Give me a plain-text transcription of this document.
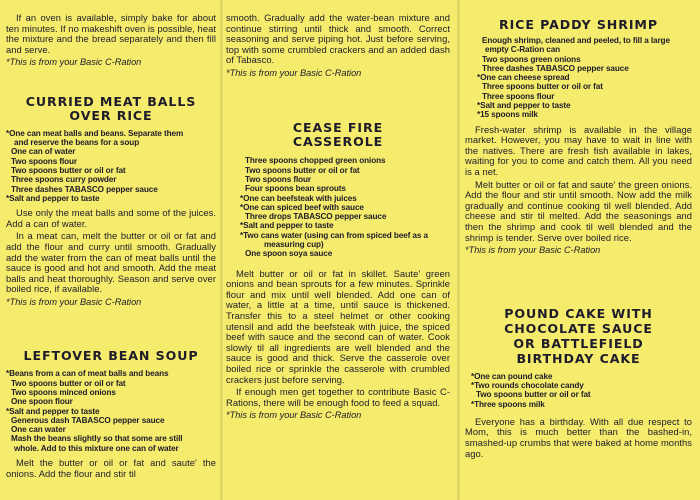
If an oven is available, simply bake for about ten minutes. If no makeshift oven is possible, heat the mixture and the bread separately and then fill and serve.

*This is from your Basic C-Ration

CURRIED MEAT BALLS
OVER RICE

*One can meat balls and beans. Separate them

and reserve the beans for a soup

One can of water

Two spoons flour

Two spoons butter or oil or fat

Three spoons curry powder

Three dashes TABASCO pepper sauce

*Salt and pepper to taste

Use only the meat balls and some of the juices. Add a can of water.

In a meat can, melt the butter or oil or fat and add the flour and curry until smooth. Gradually add the water from the can of meat balls until the sauce is good and hot and smooth. Add the meat balls and heat thoroughly. Season and serve over boiled rice, if available.

*This is from your Basic C-Ration

LEFTOVER BEAN SOUP

*Beans from a can of meat balls and beans

Two spoons butter or oil or fat

Two spoons minced onions

One spoon flour

*Salt and pepper to taste

Generous dash TABASCO pepper sauce

One can water

Mash the beans slightly so that some are still

whole. Add to this mixture one can of water

Melt the butter or oil or fat and saute' the onions. Add the flour and stir til

smooth. Gradually add the water-bean mixture and continue stirring until thick and smooth. Correct seasoning and serve piping hot. Just before serving, top with some crumbled crackers and an added dash of Tabasco.

*This is from your Basic C-Ration

CEASE FIRE
CASSEROLE

Three spoons chopped green onions

Two spoons butter or oil or fat

Two spoons flour

Four spoons bean sprouts

*One can beefsteak with juices

*One can spiced beef with sauce

Three drops TABASCO pepper sauce

*Salt and pepper to taste

*Two cans water (using can from spiced beef as a

measuring cup)

One spoon soya sauce

Melt butter or oil or fat in skillet. Saute' green onions and bean sprouts for a few minutes. Sprinkle flour and mix until well blended. Add one can of water, a little at a time, until sauce is thickened. Transfer this to a steel helmet or other cooking utensil and add the beefsteak with juice, the spiced beef with sauce and the second can of water. Cook slowly til all ingredients are well blended and the sauce is good and thick. Serve the casserole over boiled rice or sprinkle the casserole with crumbled crackers just before serving.

If enough men get together to contribute Basic C-Rations, there will be enough food to feed a squad.

*This is from your Basic C-Ration

RICE PADDY SHRIMP

Enough shrimp, cleaned and peeled, to fill a large

empty C-Ration can

Two spoons green onions

Three dashes TABASCO pepper sauce

*One can cheese spread

Three spoons butter or oil or fat

Three spoons flour

*Salt and pepper to taste

*15 spoons milk

Fresh-water shrimp is available in the village market. However, you may have to wait in line with the natives. There are fresh fish available in lakes, waiting for you to come and catch them. All you need is a net.

Melt butter or oil or fat and saute' the green onions. Add the flour and stir until smooth. Now add the milk gradually and continue cooking til well blended. Add cheese and stir til melted. Add the seasonings and then the shrimp and cook til well blended and the shrimp is tender. Serve over boiled rice.

*This is from your Basic C-Ration

POUND CAKE WITH
CHOCOLATE SAUCE
OR BATTLEFIELD
BIRTHDAY CAKE

*One can pound cake

*Two rounds chocolate candy

Two spoons butter or oil or fat

*Three spoons milk

Everyone has a birthday. With all due respect to Mom, this is much better than the bashed-in, smashed-up crumbs that were baked at home months ago.
